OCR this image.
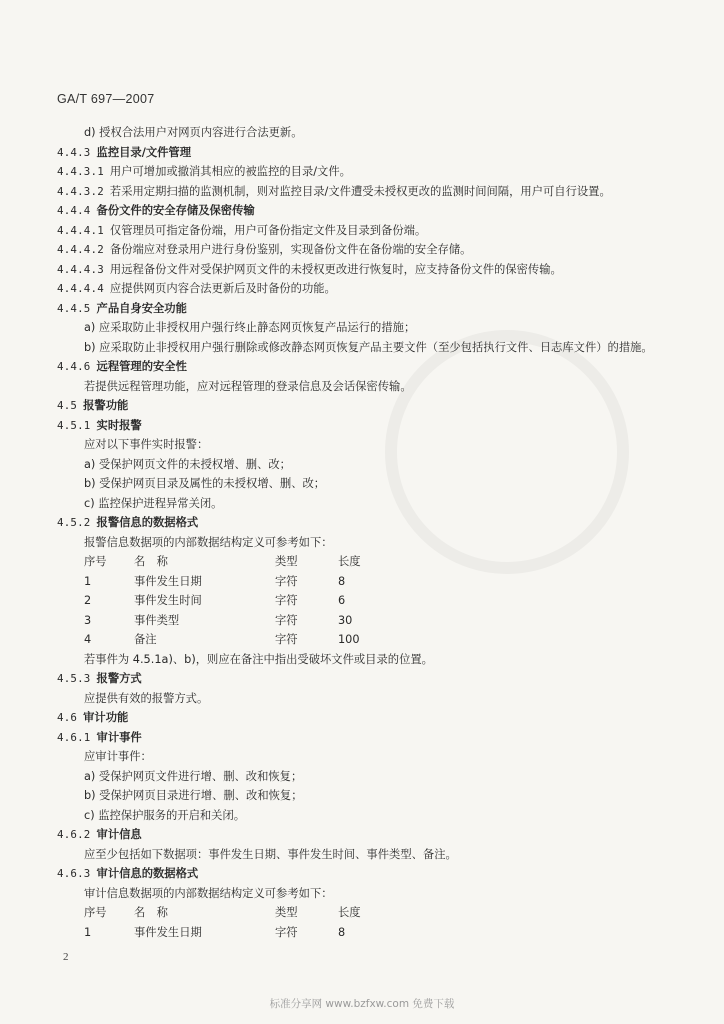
GA/T 697—2007
d) 授权合法用户对网页内容进行合法更新。
4.4.3 监控目录/文件管理
4.4.3.1 用户可增加或撤消其相应的被监控的目录/文件。
4.4.3.2 若采用定期扫描的监测机制，则对监控目录/文件遭受未授权更改的监测时间间隔，用户可自行设置。
4.4.4 备份文件的安全存储及保密传输
4.4.4.1 仅管理员可指定备份端，用户可备份指定文件及目录到备份端。
4.4.4.2 备份端应对登录用户进行身份鉴别，实现备份文件在备份端的安全存储。
4.4.4.3 用远程备份文件对受保护网页文件的未授权更改进行恢复时，应支持备份文件的保密传输。
4.4.4.4 应提供网页内容合法更新后及时备份的功能。
4.4.5 产品自身安全功能
a) 应采取防止非授权用户强行终止静态网页恢复产品运行的措施；
b) 应采取防止非授权用户强行删除或修改静态网页恢复产品主要文件（至少包括执行文件、日志库文件）的措施。
4.4.6 远程管理的安全性
若提供远程管理功能，应对远程管理的登录信息及会话保密传输。
4.5 报警功能
4.5.1 实时报警
应对以下事件实时报警：
a) 受保护网页文件的未授权增、删、改；
b) 受保护网页目录及属性的未授权增、删、改；
c) 监控保护进程异常关闭。
4.5.2 报警信息的数据格式
报警信息数据项的内部数据结构定义可参考如下：
序号	名　称	类型	长度
1	事件发生日期	字符	8
2	事件发生时间	字符	6
3	事件类型	字符	30
4	备注	字符	100
若事件为 4.5.1a)、b)，则应在备注中指出受破坏文件或目录的位置。
4.5.3 报警方式
应提供有效的报警方式。
4.6 审计功能
4.6.1 审计事件
应审计事件：
a) 受保护网页文件进行增、删、改和恢复；
b) 受保护网页目录进行增、删、改和恢复；
c) 监控保护服务的开启和关闭。
4.6.2 审计信息
应至少包括如下数据项：事件发生日期、事件发生时间、事件类型、备注。
4.6.3 审计信息的数据格式
审计信息数据项的内部数据结构定义可参考如下：
序号	名　称	类型	长度
1	事件发生日期	字符	8
2
标准分享网 www.bzfxw.com 免费下载
